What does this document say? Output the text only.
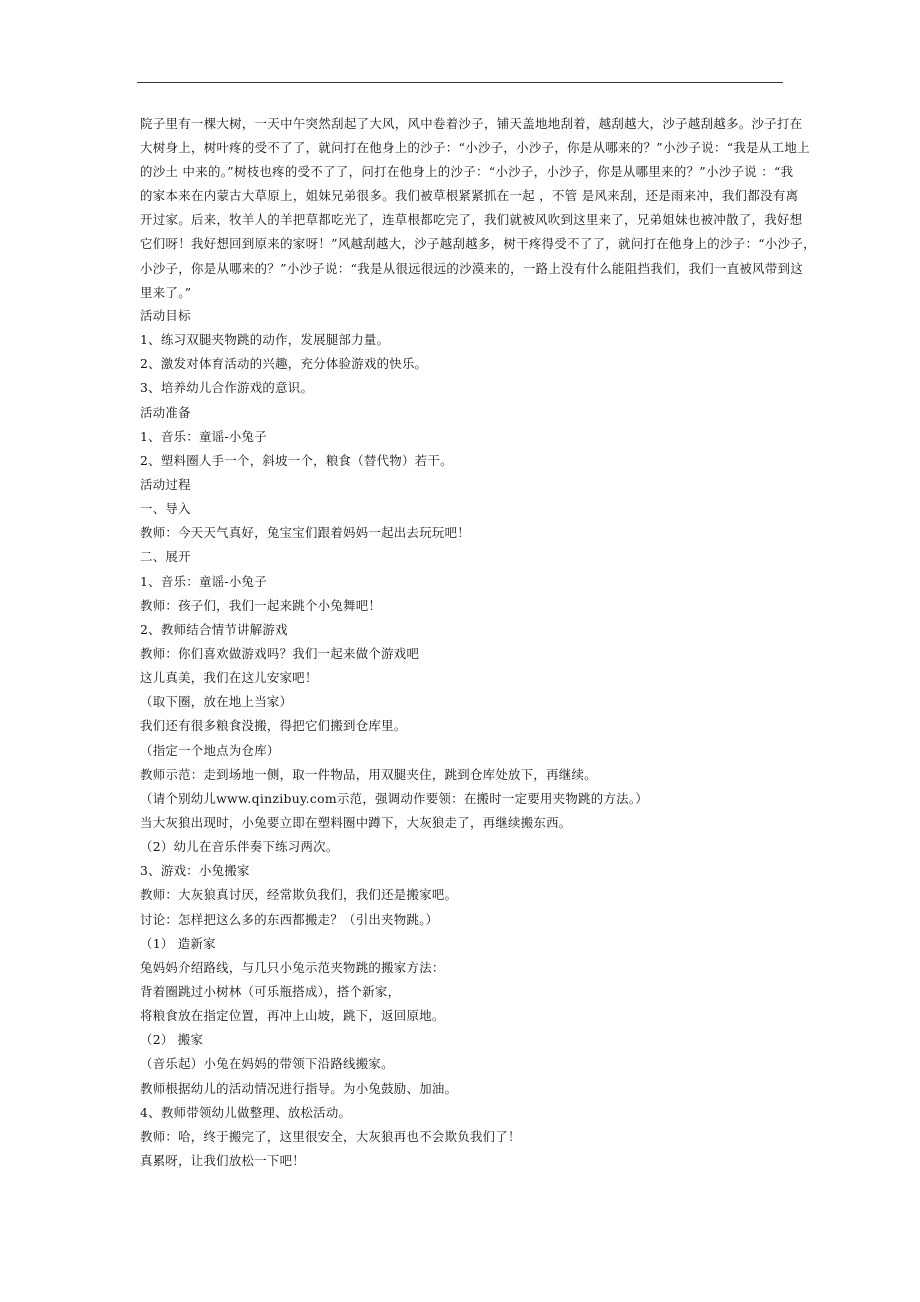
院子里有一棵大树，一天中午突然刮起了大风，风中卷着沙子，铺天盖地地刮着，越刮越大，沙子越刮越多。沙子打在
大树身上，树叶疼的受不了了，就问打在他身上的沙子：“小沙子，小沙子，你是从哪来的？”小沙子说：“我是从工地上
的沙土 中来的。”树枝也疼的受不了了，问打在他身上的沙子：“小沙子，小沙子，你是从哪里来的？”小沙子说 ：“我
的家本来在内蒙古大草原上，姐妹兄弟很多。我们被草根紧紧抓在一起 ，不管 是风来刮，还是雨来冲，我们都没有离
开过家。后来，牧羊人的羊把草都吃光了，连草根都吃完了，我们就被风吹到这里来了，兄弟姐妹也被冲散了，我好想
它们呀！我好想回到原来的家呀！”风越刮越大，沙子越刮越多，树干疼得受不了了，就问打在他身上的沙子：“小沙子，
小沙子，你是从哪来的？”小沙子说：“我是从很远很远的沙漠来的，一路上没有什么能阻挡我们，我们一直被风带到这
里来了。”
活动目标
1、练习双腿夹物跳的动作，发展腿部力量。
2、激发对体育活动的兴趣，充分体验游戏的快乐。
3、培养幼儿合作游戏的意识。
活动准备
1、音乐：童谣-小兔子
2、塑料圈人手一个，斜坡一个，粮食（替代物）若干。
活动过程
一、导入
教师：今天天气真好，兔宝宝们跟着妈妈一起出去玩玩吧！
二、展开
1、音乐：童谣-小兔子
教师：孩子们，我们一起来跳个小兔舞吧！
2、教师结合情节讲解游戏
教师：你们喜欢做游戏吗？我们一起来做个游戏吧
这儿真美，我们在这儿安家吧！
（取下圈，放在地上当家）
我们还有很多粮食没搬，得把它们搬到仓库里。
（指定一个地点为仓库）
教师示范：走到场地一侧，取一件物品，用双腿夹住，跳到仓库处放下，再继续。
（请个别幼儿www.qinzibuy.com示范，强调动作要领：在搬时一定要用夹物跳的方法。）
当大灰狼出现时，小兔要立即在塑料圈中蹲下，大灰狼走了，再继续搬东西。
（2）幼儿在音乐伴奏下练习两次。
3、游戏：小兔搬家
教师：大灰狼真讨厌，经常欺负我们，我们还是搬家吧。
讨论：怎样把这么多的东西都搬走？（引出夹物跳。）
（1） 造新家
兔妈妈介绍路线，与几只小兔示范夹物跳的搬家方法：
背着圈跳过小树林（可乐瓶搭成），搭个新家，
将粮食放在指定位置，再冲上山坡，跳下，返回原地。
（2） 搬家
（音乐起）小兔在妈妈的带领下沿路线搬家。
教师根据幼儿的活动情况进行指导。为小兔鼓励、加油。
4、教师带领幼儿做整理、放松活动。
教师：哈，终于搬完了，这里很安全，大灰狼再也不会欺负我们了！
真累呀，让我们放松一下吧！
